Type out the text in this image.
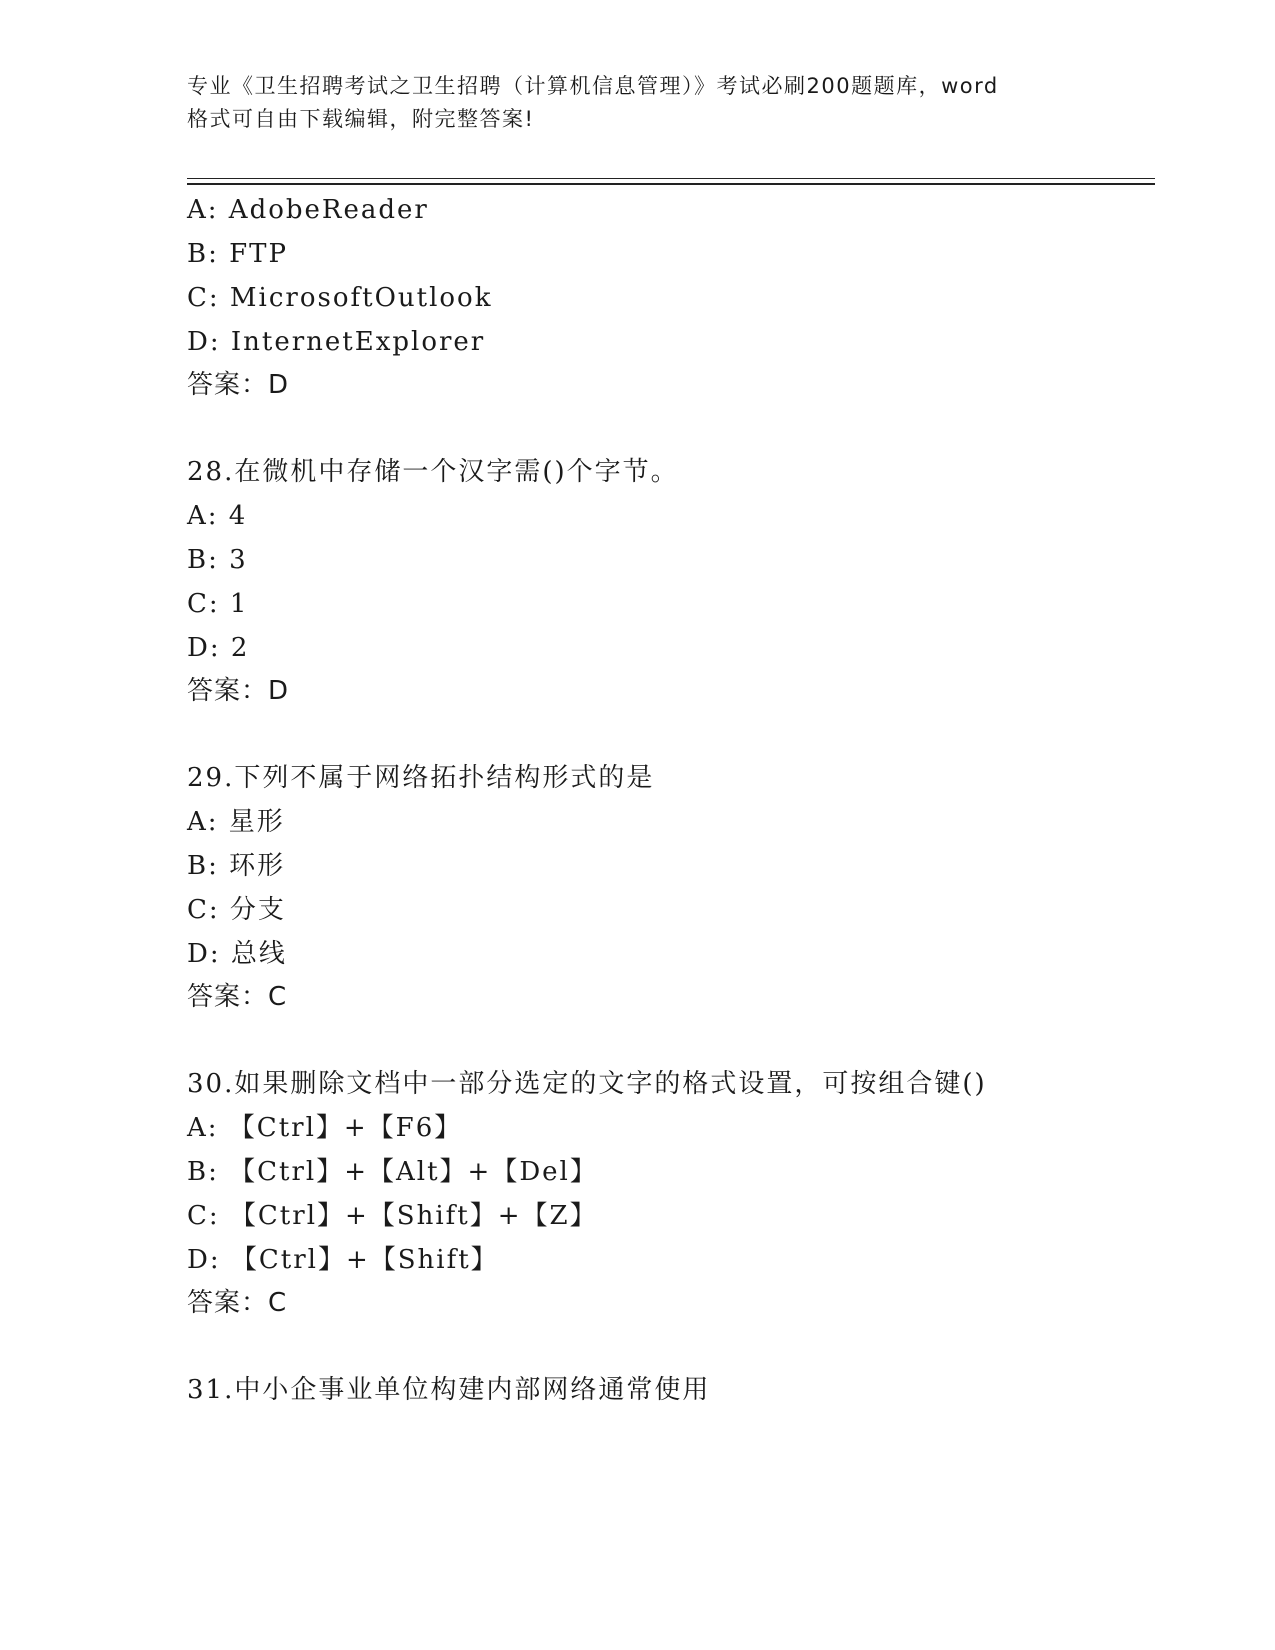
专业《卫生招聘考试之卫生招聘（计算机信息管理）》考试必刷200题题库，word
格式可自由下载编辑，附完整答案!
A: AdobeReader
B: FTP
C: MicrosoftOutlook
D: InternetExplorer
答案：D
28.在微机中存储一个汉字需()个字节。
A: 4
B: 3
C: 1
D: 2
答案：D
29.下列不属于网络拓扑结构形式的是
A: 星形
B: 环形
C: 分支
D: 总线
答案：C
30.如果删除文档中一部分选定的文字的格式设置，可按组合键()
A: 【Ctrl】+【F6】
B: 【Ctrl】+【Alt】+【Del】
C: 【Ctrl】+【Shift】+【Z】
D: 【Ctrl】+【Shift】
答案：C
31.中小企事业单位构建内部网络通常使用
